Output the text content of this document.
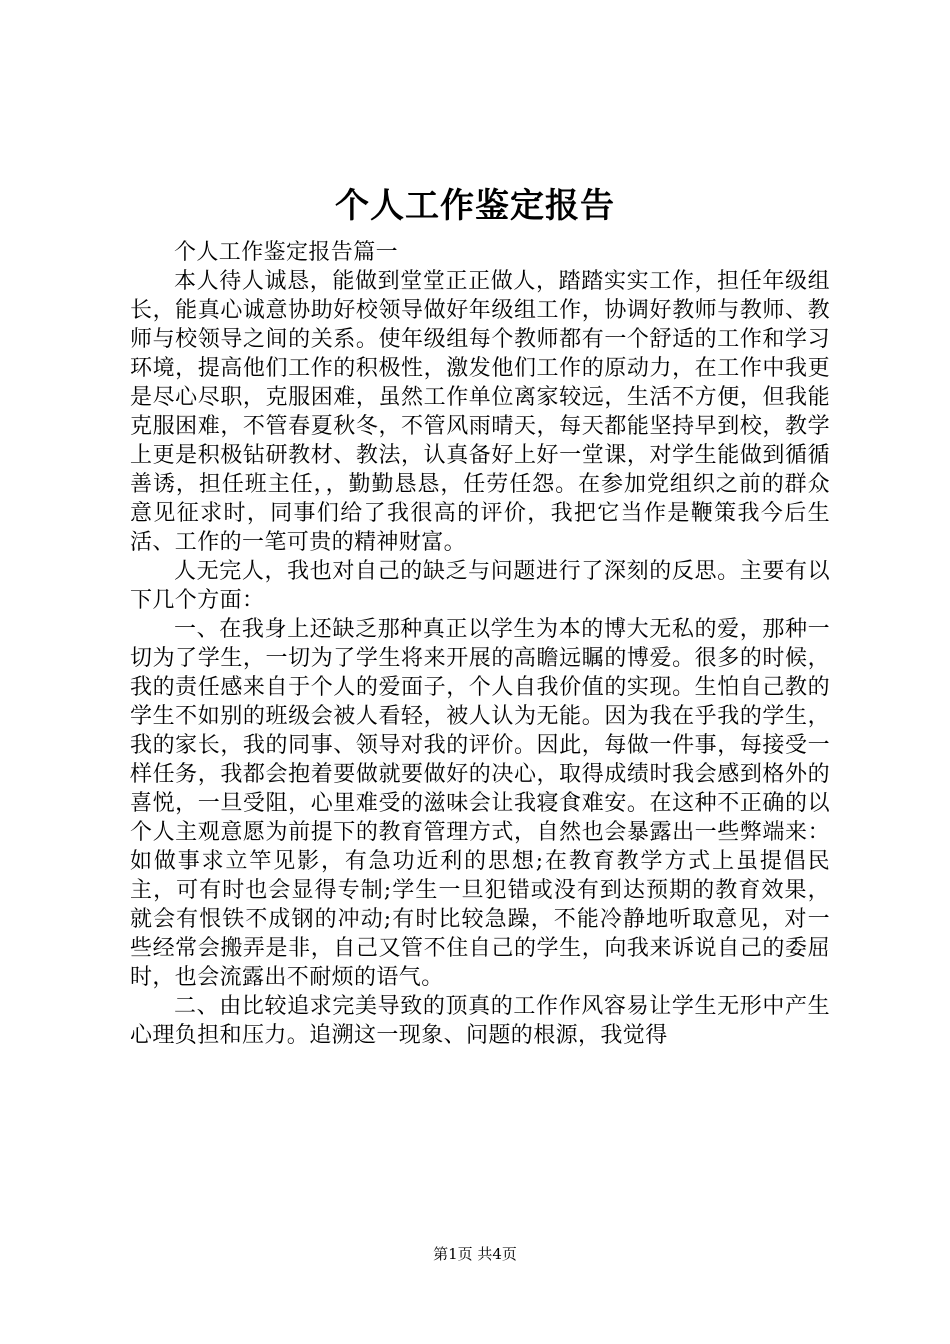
个人工作鉴定报告

个人工作鉴定报告篇一

本人待人诚恳，能做到堂堂正正做人，踏踏实实工作，担任年级组长，能真心诚意协助好校领导做好年级组工作，协调好教师与教师、教师与校领导之间的关系。使年级组每个教师都有一个舒适的工作和学习环境，提高他们工作的积极性，激发他们工作的原动力，在工作中我更是尽心尽职，克服困难，虽然工作单位离家较远，生活不方便，但我能克服困难，不管春夏秋冬，不管风雨晴天，每天都能坚持早到校，教学上更是积极钻研教材、教法，认真备好上好一堂课，对学生能做到循循善诱，担任班主任，，勤勤恳恳，任劳任怨。在参加党组织之前的群众意见征求时，同事们给了我很高的评价，我把它当作是鞭策我今后生活、工作的一笔可贵的精神财富。

人无完人，我也对自己的缺乏与问题进行了深刻的反思。主要有以下几个方面：

一、在我身上还缺乏那种真正以学生为本的博大无私的爱，那种一切为了学生，一切为了学生将来开展的高瞻远瞩的博爱。很多的时候，我的责任感来自于个人的爱面子，个人自我价值的实现。生怕自己教的学生不如别的班级会被人看轻，被人认为无能。因为我在乎我的学生，我的家长，我的同事、领导对我的评价。因此，每做一件事，每接受一样任务，我都会抱着要做就要做好的决心，取得成绩时我会感到格外的喜悦，一旦受阻，心里难受的滋味会让我寝食难安。在这种不正确的以个人主观意愿为前提下的教育管理方式，自然也会暴露出一些弊端来：如做事求立竿见影，有急功近利的思想;在教育教学方式上虽提倡民主，可有时也会显得专制;学生一旦犯错或没有到达预期的教育效果，就会有恨铁不成钢的冲动;有时比较急躁，不能冷静地听取意见，对一些经常会搬弄是非，自己又管不住自己的学生，向我来诉说自己的委屈时，也会流露出不耐烦的语气。

二、由比较追求完美导致的顶真的工作作风容易让学生无形中产生心理负担和压力。追溯这一现象、问题的根源，我觉得

第1页 共4页
